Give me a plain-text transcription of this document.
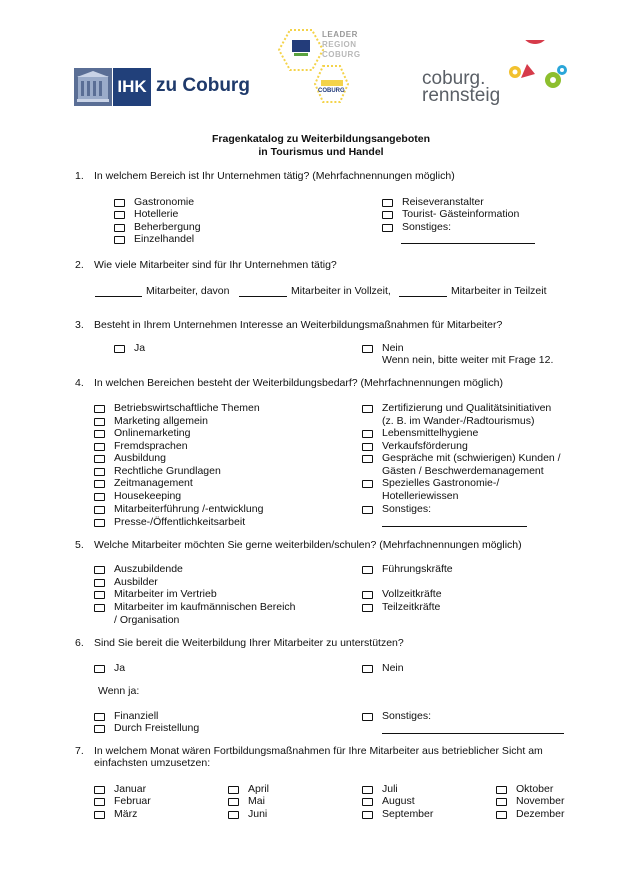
IHK zu Coburg
LEADER
REGION
COBURG
COBURG
coburg.
rennsteig
Fragenkatalog zu Weiterbildungsangeboten
in Tourismus und Handel
1. In welchem Bereich ist Ihr Unternehmen tätig? (Mehrfachnennungen möglich)
Gastronomie
Hotellerie
Beherbergung
Einzelhandel
Reiseveranstalter
Tourist- Gästeinformation
Sonstiges:
2. Wie viele Mitarbeiter sind für Ihr Unternehmen tätig?
Mitarbeiter, davon	Mitarbeiter in Vollzeit,	Mitarbeiter in Teilzeit
3. Besteht in Ihrem Unternehmen Interesse an Weiterbildungsmaßnahmen für Mitarbeiter?
Ja	Nein
Wenn nein, bitte weiter mit Frage 12.
4. In welchen Bereichen besteht der Weiterbildungsbedarf? (Mehrfachnennungen möglich)
Betriebswirtschaftliche Themen
Marketing allgemein
Onlinemarketing
Fremdsprachen
Ausbildung
Rechtliche Grundlagen
Zeitmanagement
Housekeeping
Mitarbeiterführung /-entwicklung
Presse-/Öffentlichkeitsarbeit
Zertifizierung und Qualitätsinitiativen
(z. B. im Wander-/Radtourismus)
Lebensmittelhygiene
Verkaufsförderung
Gespräche mit (schwierigen) Kunden /
Gästen / Beschwerdemanagement
Spezielles Gastronomie-/
Hotelleriewissen
Sonstiges:
5. Welche Mitarbeiter möchten Sie gerne weiterbilden/schulen? (Mehrfachnennungen möglich)
Auszubildende
Ausbilder
Mitarbeiter im Vertrieb
Mitarbeiter im kaufmännischen Bereich
/ Organisation
Führungskräfte
Vollzeitkräfte
Teilzeitkräfte
6. Sind Sie bereit die Weiterbildung Ihrer Mitarbeiter zu unterstützen?
Ja	Nein
Wenn ja:
Finanziell
Durch Freistellung
Sonstiges:
7. In welchem Monat wären Fortbildungsmaßnahmen für Ihre Mitarbeiter aus betrieblicher Sicht am
einfachsten umzusetzen:
Januar
Februar
März
April
Mai
Juni
Juli
August
September
Oktober
November
Dezember
